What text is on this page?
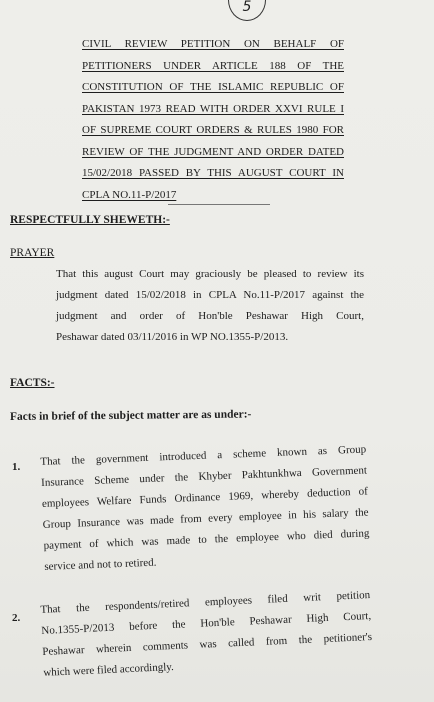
5
CIVIL REVIEW PETITION ON BEHALF OF
PETITIONERS UNDER ARTICLE 188 OF THE
CONSTITUTION OF THE ISLAMIC REPUBLIC OF
PAKISTAN 1973 READ WITH ORDER XXVI RULE I
OF SUPREME COURT ORDERS & RULES 1980 FOR
REVIEW OF THE JUDGMENT AND ORDER DATED
15/02/2018 PASSED BY THIS AUGUST COURT IN
CPLA NO.11-P/2017
RESPECTFULLY SHEWETH:-
PRAYER
That this august Court may graciously be pleased to review its
judgment dated 15/02/2018 in CPLA No.11-P/2017 against the
judgment and order of Hon'ble Peshawar High Court,
Peshawar dated 03/11/2016 in WP NO.1355-P/2013.
FACTS:-
Facts in brief of the subject matter are as under:-
1. That the government introduced a scheme known as Group
Insurance Scheme under the Khyber Pakhtunkhwa Government
employees Welfare Funds Ordinance 1969, whereby deduction of
Group Insurance was made from every employee in his salary the
payment of which was made to the employee who died during
service and not to retired.
2.
That the respondents/retired employees filed writ petition
No.1355-P/2013 before the Hon'ble Peshawar High Court,
Peshawar wherein comments was called from the petitioner's
which were filed accordingly.
